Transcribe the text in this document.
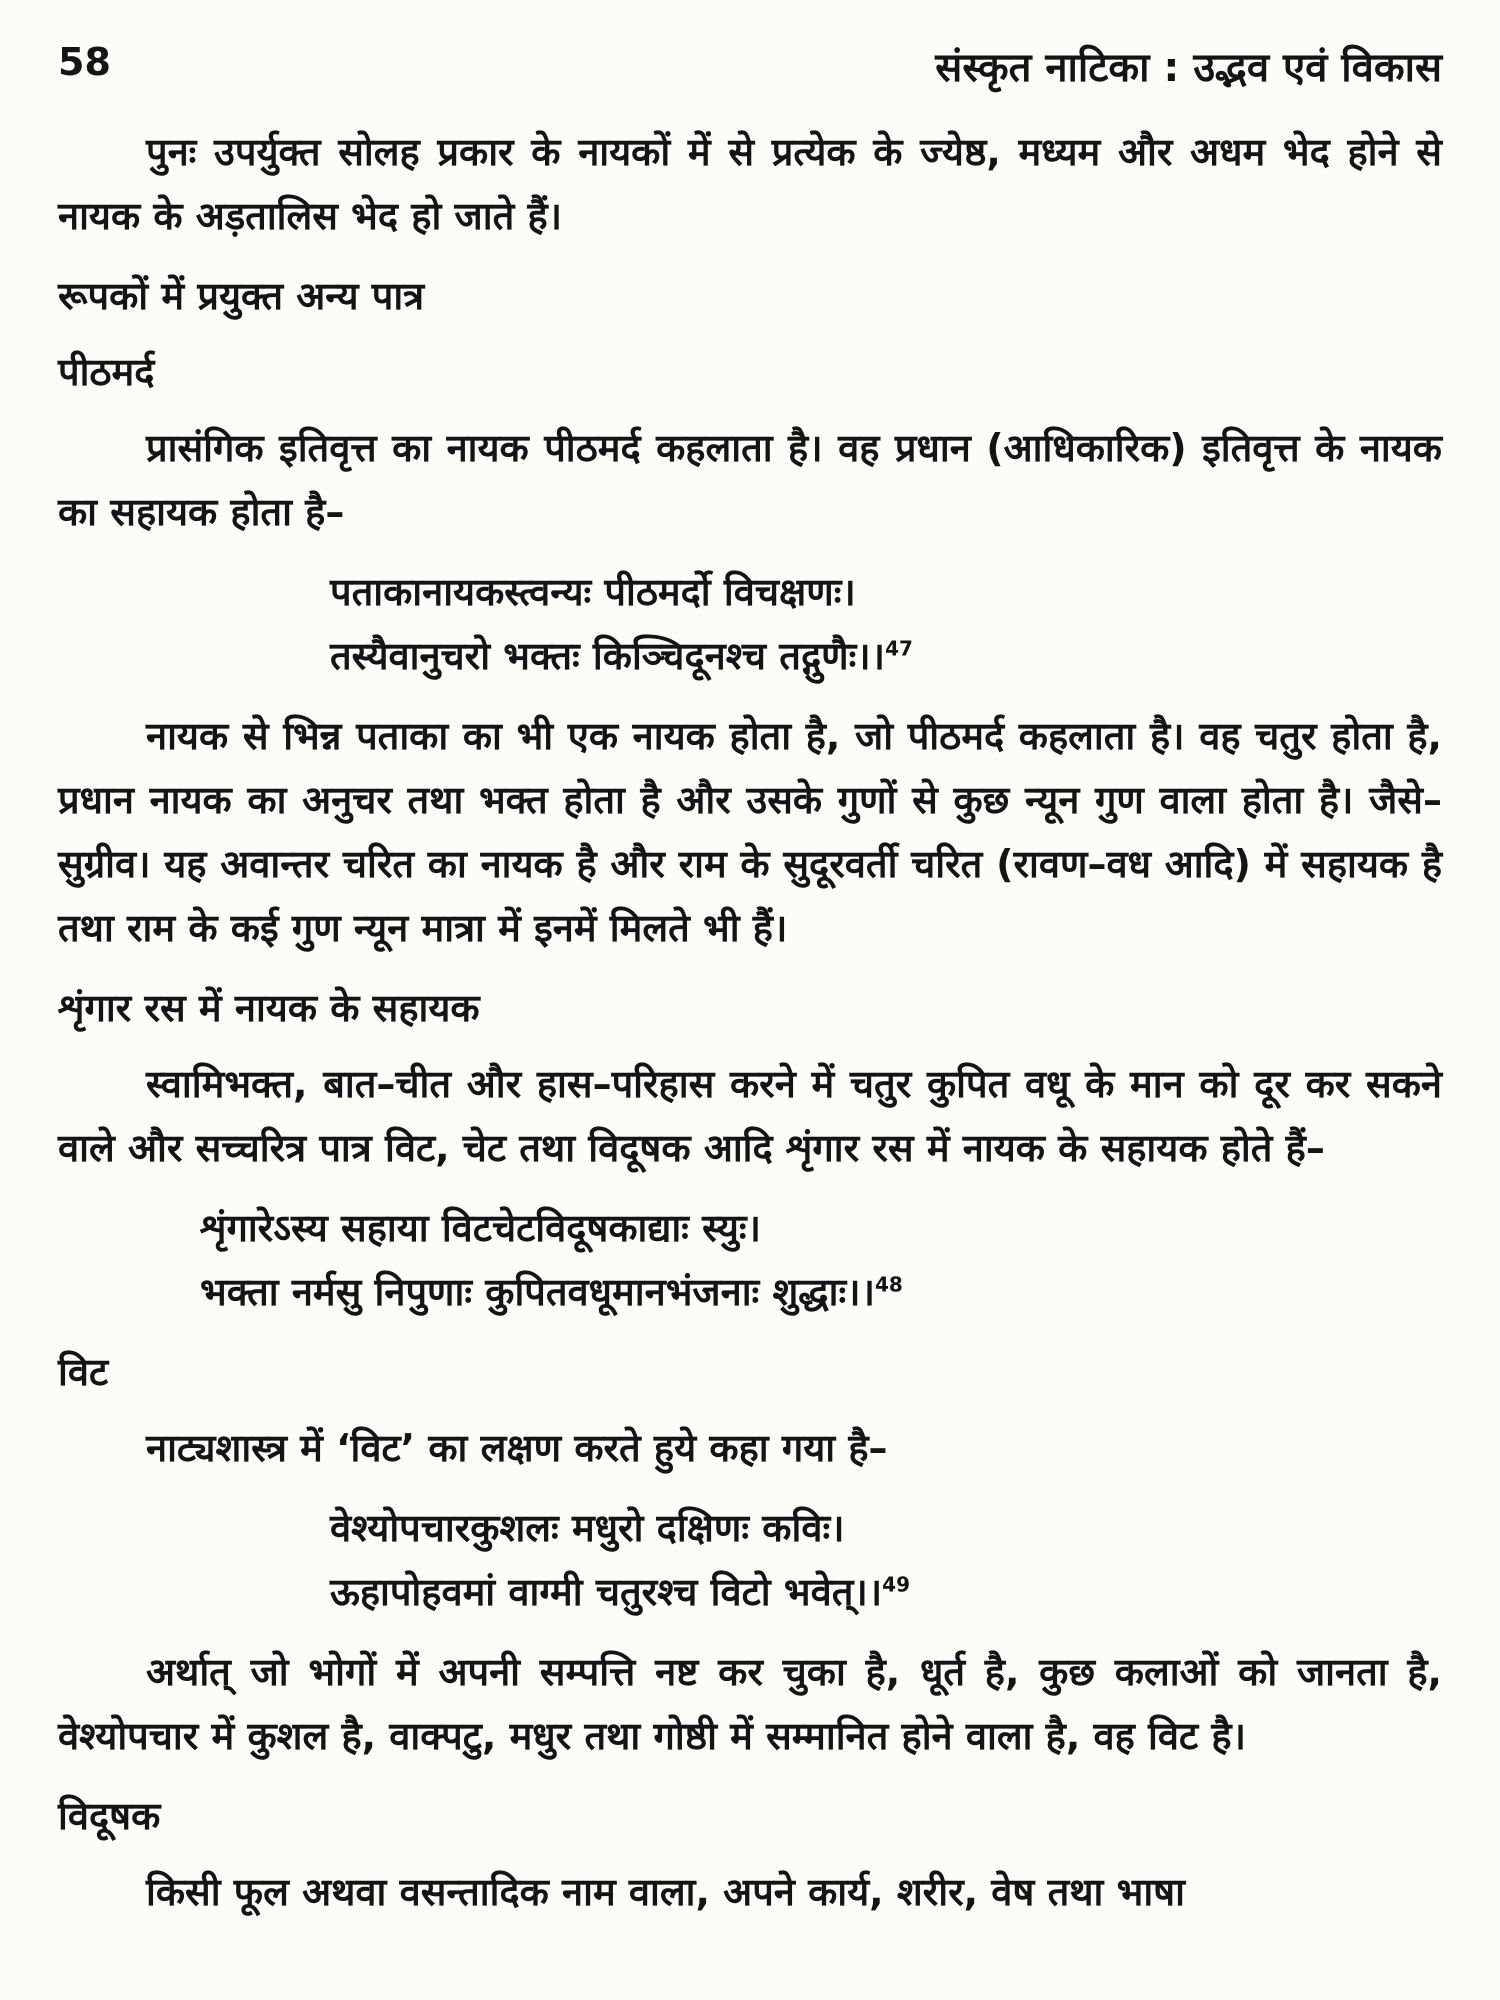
58	संस्कृत नाटिका : उद्भव एवं विकास

पुनः उपर्युक्त सोलह प्रकार के नायकों में से प्रत्येक के ज्येष्ठ, मध्यम और अधम भेद होने से नायक के अड़तालिस भेद हो जाते हैं।

रूपकों में प्रयुक्त अन्य पात्र
पीठमर्द

प्रासंगिक इतिवृत्त का नायक पीठमर्द कहलाता है। वह प्रधान (आधिकारिक) इतिवृत्त के नायक का सहायक होता है–

पताकानायकस्त्वन्यः पीठमर्दो विचक्षणः।
तस्यैवानुचरो भक्तः किञ्चिदूनश्च तद्गुणैः।।$^{47}$

नायक से भिन्न पताका का भी एक नायक होता है, जो पीठमर्द कहलाता है। वह चतुर होता है, प्रधान नायक का अनुचर तथा भक्त होता है और उसके गुणों से कुछ न्यून गुण वाला होता है। जैसे–सुग्रीव। यह अवान्तर चरित का नायक है और राम के सुदूरवर्ती चरित (रावण–वध आदि) में सहायक है तथा राम के कई गुण न्यून मात्रा में इनमें मिलते भी हैं।

शृंगार रस में नायक के सहायक

स्वामिभक्त, बात–चीत और हास–परिहास करने में चतुर कुपित वधू के मान को दूर कर सकने वाले और सच्चरित्र पात्र विट, चेट तथा विदूषक आदि शृंगार रस में नायक के सहायक होते हैं–

शृंगारेऽस्य सहाया विटचेटविदूषकाद्याः स्युः।
भक्ता नर्मसु निपुणाः कुपितवधूमानभंजनाः शुद्धाः।।$^{48}$
विट

नाट्यशास्त्र में ‘विट’ का लक्षण करते हुये कहा गया है–

वेश्योपचारकुशलः मधुरो दक्षिणः कविः।
ऊहापोहवमां वाग्मी चतुरश्च विटो भवेत्।।$^{49}$

अर्थात् जो भोगों में अपनी सम्पत्ति नष्ट कर चुका है, धूर्त है, कुछ कलाओं को जानता है, वेश्योपचार में कुशल है, वाक्पटु, मधुर तथा गोष्ठी में सम्मानित होने वाला है, वह विट है।

विदूषक

किसी फूल अथवा वसन्तादिक नाम वाला, अपने कार्य, शरीर, वेष तथा भाषा
